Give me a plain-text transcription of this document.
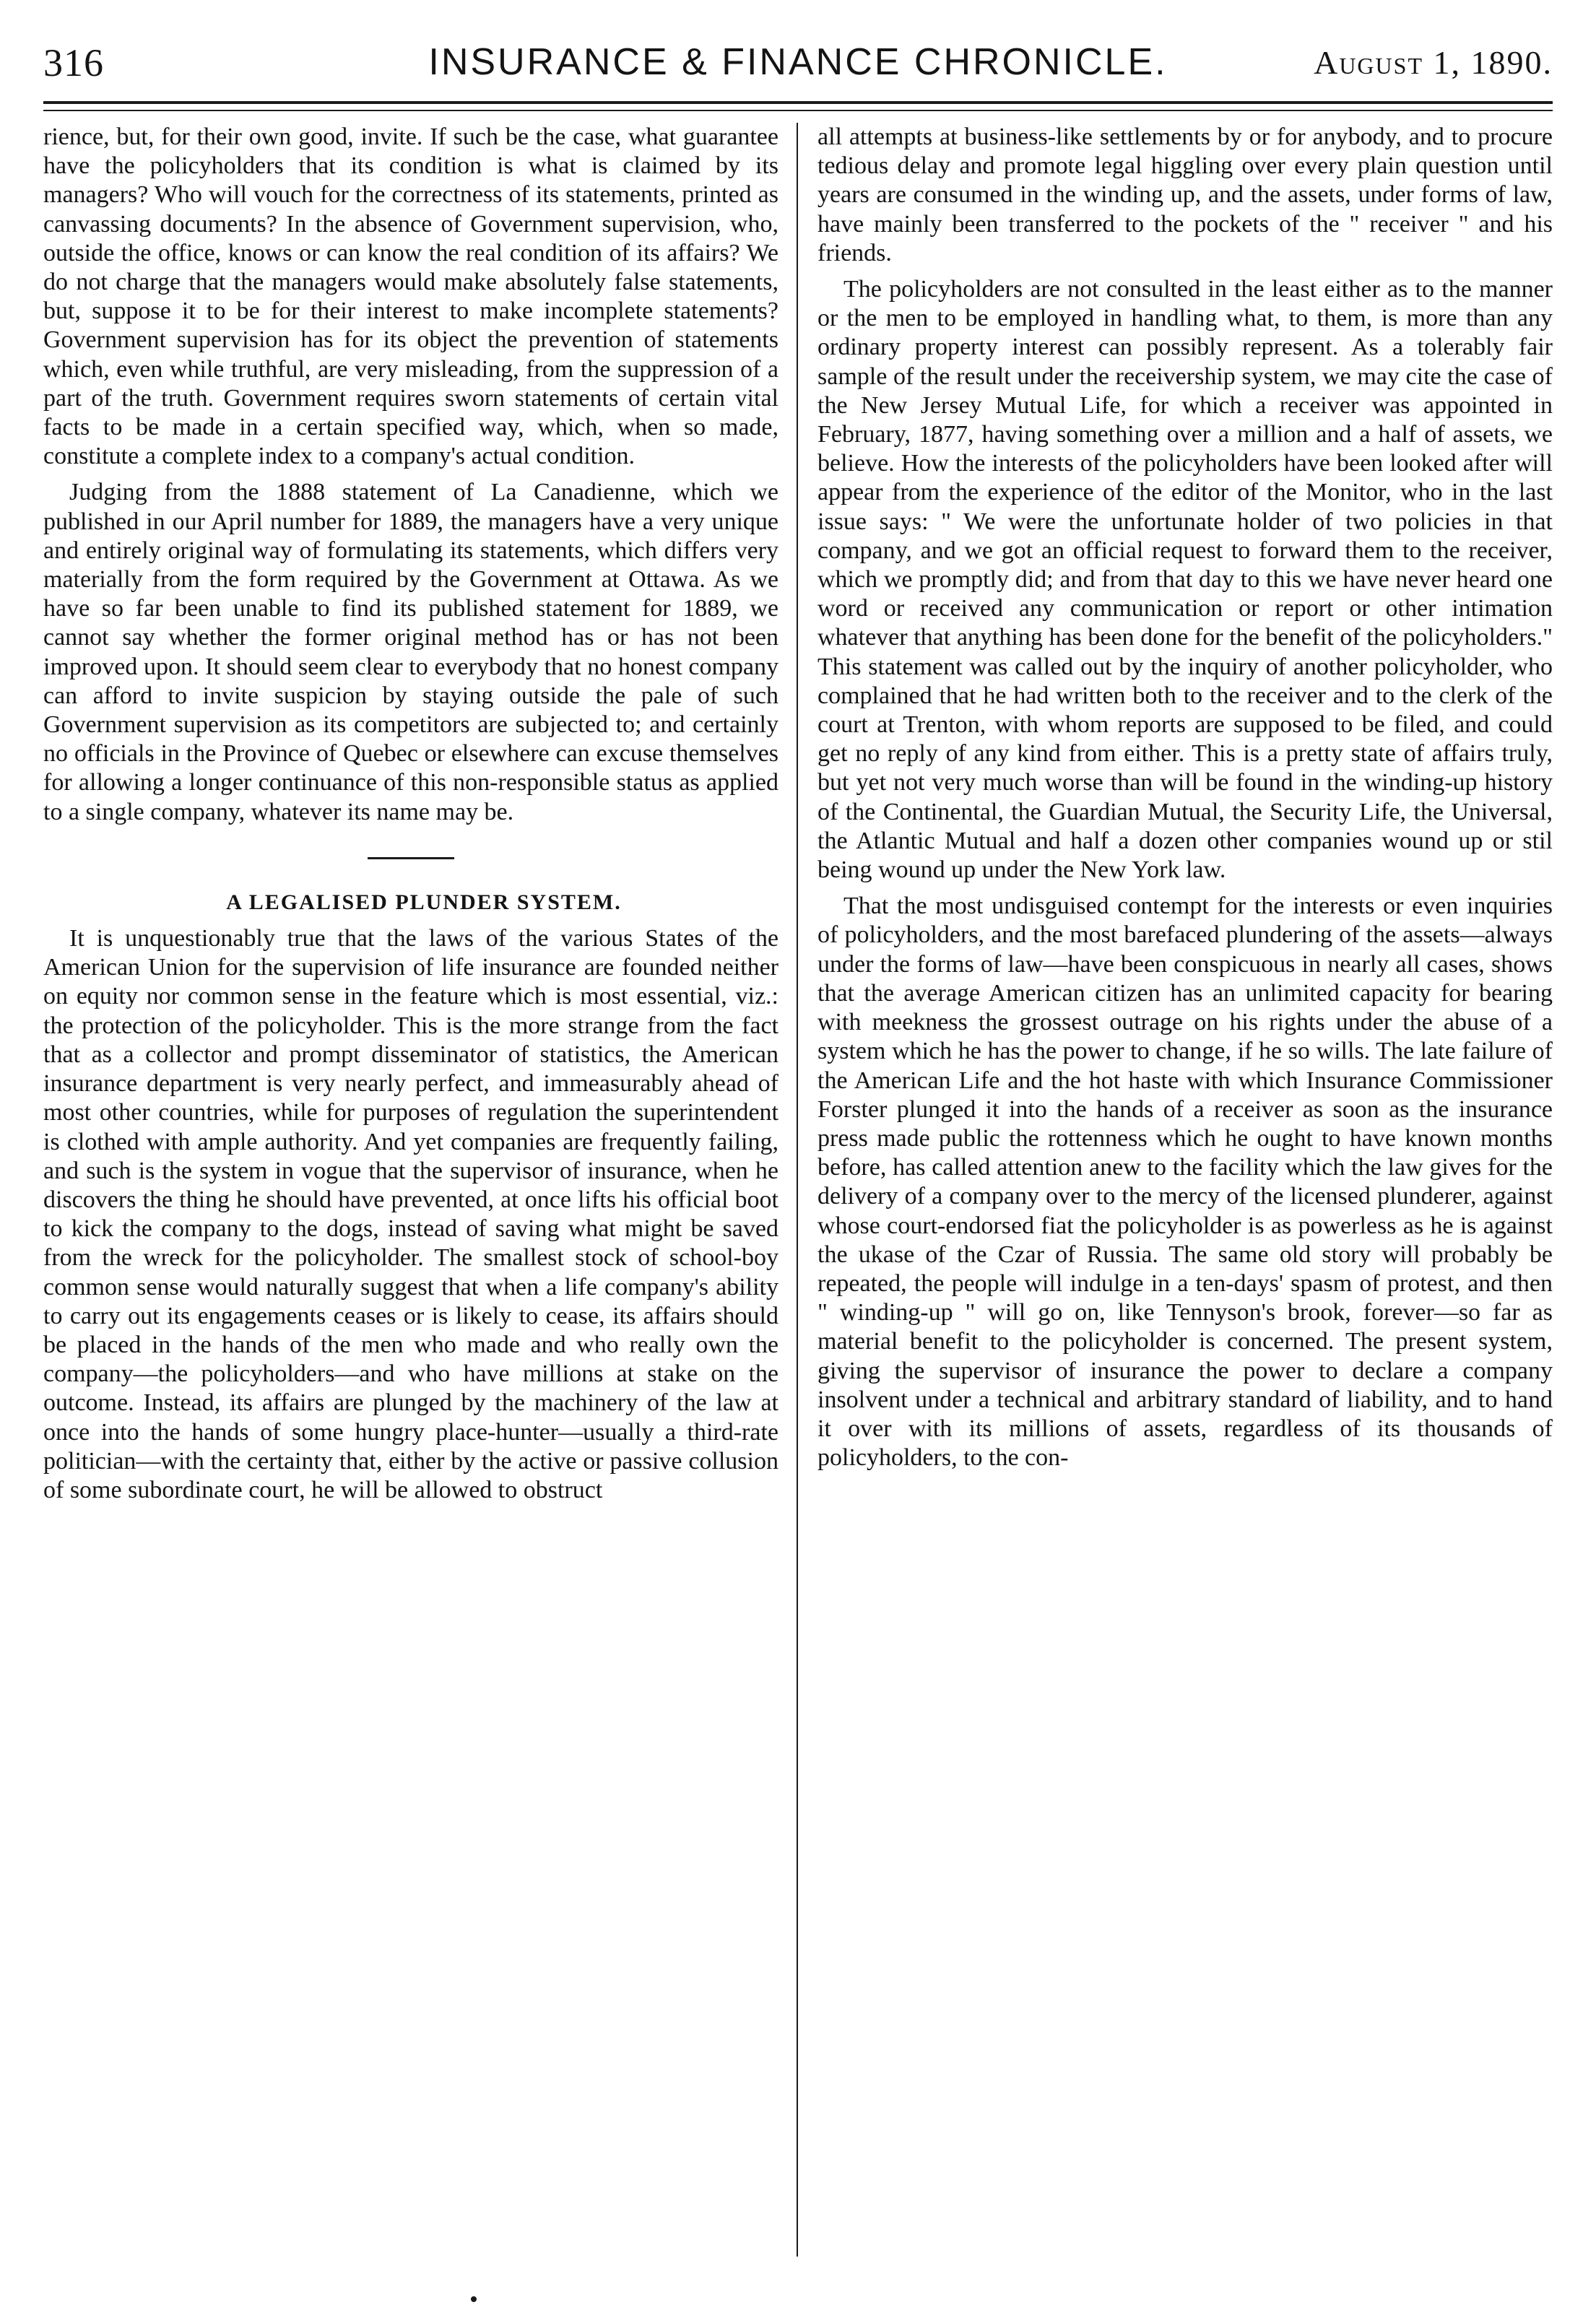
316	INSURANCE & FINANCE CHRONICLE.	August 1, 1890.

rience, but, for their own good, invite. If such be the case, what guarantee have the policyholders that its condition is what is claimed by its managers? Who will vouch for the correctness of its statements, printed as canvassing documents? In the absence of Government supervision, who, outside the office, knows or can know the real condition of its affairs? We do not charge that the managers would make absolutely false statements, but, suppose it to be for their interest to make incomplete statements? Government supervision has for its object the prevention of statements which, even while truthful, are very misleading, from the suppression of a part of the truth. Government requires sworn statements of certain vital facts to be made in a certain specified way, which, when so made, constitute a complete index to a company's actual condition.

Judging from the 1888 statement of La Canadienne, which we published in our April number for 1889, the managers have a very unique and entirely original way of formulating its statements, which differs very materially from the form required by the Government at Ottawa. As we have so far been unable to find its published statement for 1889, we cannot say whether the former original method has or has not been improved upon. It should seem clear to everybody that no honest company can afford to invite suspicion by staying outside the pale of such Government supervision as its competitors are subjected to; and certainly no officials in the Province of Quebec or elsewhere can excuse themselves for allowing a longer continuance of this non-responsible status as applied to a single company, whatever its name may be.

A LEGALISED PLUNDER SYSTEM.

It is unquestionably true that the laws of the various States of the American Union for the supervision of life insurance are founded neither on equity nor common sense in the feature which is most essential, viz.: the protection of the policyholder. This is the more strange from the fact that as a collector and prompt disseminator of statistics, the American insurance department is very nearly perfect, and immeasurably ahead of most other countries, while for purposes of regulation the superintendent is clothed with ample authority. And yet companies are frequently failing, and such is the system in vogue that the supervisor of insurance, when he discovers the thing he should have prevented, at once lifts his official boot to kick the company to the dogs, instead of saving what might be saved from the wreck for the policyholder. The smallest stock of school-boy common sense would naturally suggest that when a life company's ability to carry out its engagements ceases or is likely to cease, its affairs should be placed in the hands of the men who made and who really own the company—the policyholders—and who have millions at stake on the outcome. Instead, its affairs are plunged by the machinery of the law at once into the hands of some hungry place-hunter—usually a third-rate politician—with the certainty that, either by the active or passive collusion of some subordinate court, he will be allowed to obstruct

all attempts at business-like settlements by or for anybody, and to procure tedious delay and promote legal higgling over every plain question until years are consumed in the winding up, and the assets, under forms of law, have mainly been transferred to the pockets of the " receiver " and his friends.

The policyholders are not consulted in the least either as to the manner or the men to be employed in handling what, to them, is more than any ordinary property interest can possibly represent. As a tolerably fair sample of the result under the receivership system, we may cite the case of the New Jersey Mutual Life, for which a receiver was appointed in February, 1877, having something over a million and a half of assets, we believe. How the interests of the policyholders have been looked after will appear from the experience of the editor of the Monitor, who in the last issue says: " We were the unfortunate holder of two policies in that company, and we got an official request to forward them to the receiver, which we promptly did; and from that day to this we have never heard one word or received any communication or report or other intimation whatever that anything has been done for the benefit of the policyholders." This statement was called out by the inquiry of another policyholder, who complained that he had written both to the receiver and to the clerk of the court at Trenton, with whom reports are supposed to be filed, and could get no reply of any kind from either. This is a pretty state of affairs truly, but yet not very much worse than will be found in the winding-up history of the Continental, the Guardian Mutual, the Security Life, the Universal, the Atlantic Mutual and half a dozen other companies wound up or stil being wound up under the New York law.

That the most undisguised contempt for the interests or even inquiries of policyholders, and the most barefaced plundering of the assets—always under the forms of law—have been conspicuous in nearly all cases, shows that the average American citizen has an unlimited capacity for bearing with meekness the grossest outrage on his rights under the abuse of a system which he has the power to change, if he so wills. The late failure of the American Life and the hot haste with which Insurance Commissioner Forster plunged it into the hands of a receiver as soon as the insurance press made public the rottenness which he ought to have known months before, has called attention anew to the facility which the law gives for the delivery of a company over to the mercy of the licensed plunderer, against whose court-endorsed fiat the policyholder is as powerless as he is against the ukase of the Czar of Russia. The same old story will probably be repeated, the people will indulge in a ten-days' spasm of protest, and then " winding-up " will go on, like Tennyson's brook, forever—so far as material benefit to the policyholder is concerned. The present system, giving the supervisor of insurance the power to declare a company insolvent under a technical and arbitrary standard of liability, and to hand it over with its millions of assets, regardless of its thousands of policyholders, to the con-
